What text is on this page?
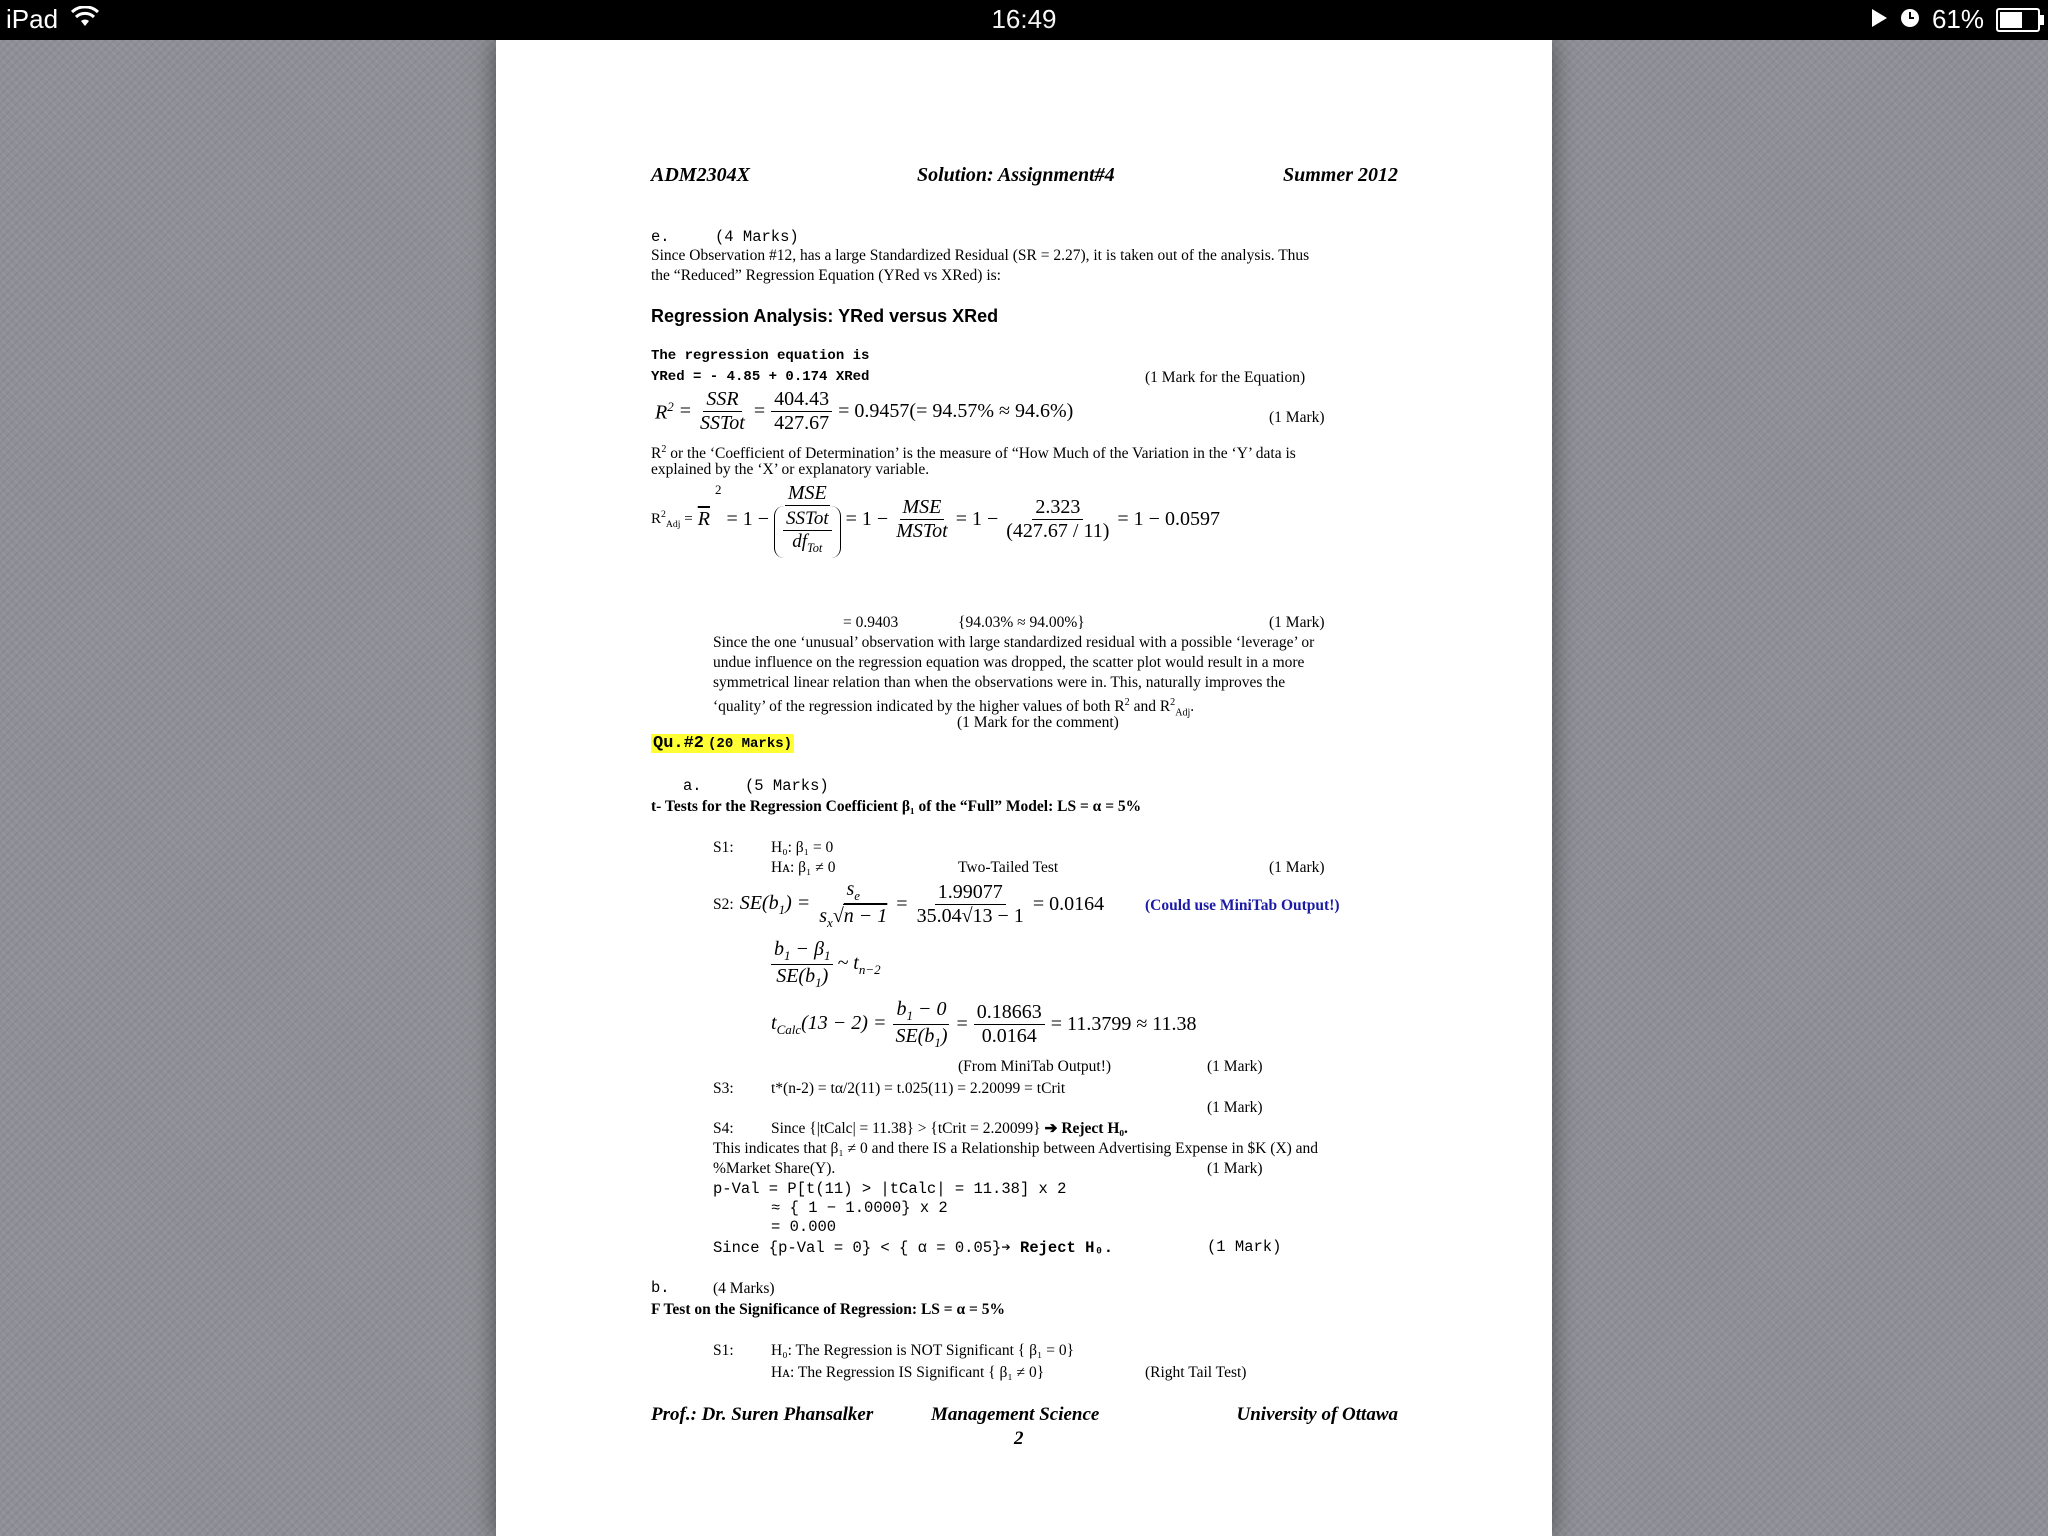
iPad	16:49	61%
ADM2304X	Solution: Assignment#4	Summer 2012
e.	(4 Marks)
Since Observation #12, has a large Standardized Residual (SR = 2.27), it is taken out of the analysis. Thus
the “Reduced” Regression Equation (YRed vs XRed) is:
Regression Analysis: YRed versus XRed
The regression equation is
YRed = - 4.85 + 0.174 XRed	(1 Mark for the Equation)
$R^2 = \frac{\text{SSR}}{\text{SSTot}} = \frac{404.43}{427.67} = 0.9457(= 94.57\% \approx 94.6\%)$	(1 Mark)
$R^2$ or the ‘Coefficient of Determination’ is the measure of “How Much of the Variation in the ‘Y’ data is
explained by the ‘X’ or explanatory variable.
$R^2_{Adj} = \overline{R}$
2
= $1 - \frac{\text{MSE}}{\frac{\text{SSTot}}{df_{Tot}}} = 1 - \frac{\text{MSE}}{\text{MSTot}} = 1 - \frac{2.323}{(427.67 / 11)} = 1 - 0.0597$
= 0.9403	{94.03% ≈ 94.00%}	(1 Mark)
Since the one ‘unusual’ observation with large standardized residual with a possible ‘leverage’ or
undue influence on the regression equation was dropped, the scatter plot would result in a more
symmetrical linear relation than when the observations were in. This, naturally improves the
‘quality’ of the regression indicated by the higher values of both $R^2$ and $R^2_{Adj}$.
(1 Mark for the comment)
Qu.#2 (20 Marks)
a.	(5 Marks)
t- Tests for the Regression Coefficient β₁ of the “Full” Model: LS = α = 5%
S1: H₀: β₁ = 0
Hᴀ: β₁ ≠ 0	Two-Tailed Test	(1 Mark)
S2: $SE(b_1) = \frac{s_e}{s_x√n - 1} = \frac{1.99077}{35.04√13 - 1} = 0.0164$	(Could use MiniTab Output!)
$\frac{b_1 - \beta_1}{SE(b_1)}$ ~ $t_{n-2}$
$t_{Calc}(13 - 2) = \frac{b_1 - 0}{SE(b_1)} = \frac{0.18663}{0.0164} = 11.3799 \approx 11.38$
(From MiniTab Output!)	(1 Mark)
S3: t*(n-2) = tα/2(11) = t.025(11) = 2.20099 = tCrit
(1 Mark)
S4: Since {|tCalc| = 11.38} > {tCrit = 2.20099} ➔ Reject H₀.
This indicates that β₁ ≠ 0 and there IS a Relationship between Advertising Expense in $K (X) and
%Market Share(Y).	(1 Mark)
p-Val = P[t(11) > |tCalc| = 11.38] x 2
≈ { 1 − 1.0000} x 2
= 0.000
Since {p-Val = 0} < { α = 0.05}➔ Reject H₀.	(1 Mark)
b.	(4 Marks)
F Test on the Significance of Regression: LS = α = 5%
S1: H₀: The Regression is NOT Significant { β₁ = 0}
Hᴀ: The Regression IS Significant { β₁ ≠ 0}	(Right Tail Test)
Prof.: Dr. Suren Phansalker	Management Science	University of Ottawa
2
